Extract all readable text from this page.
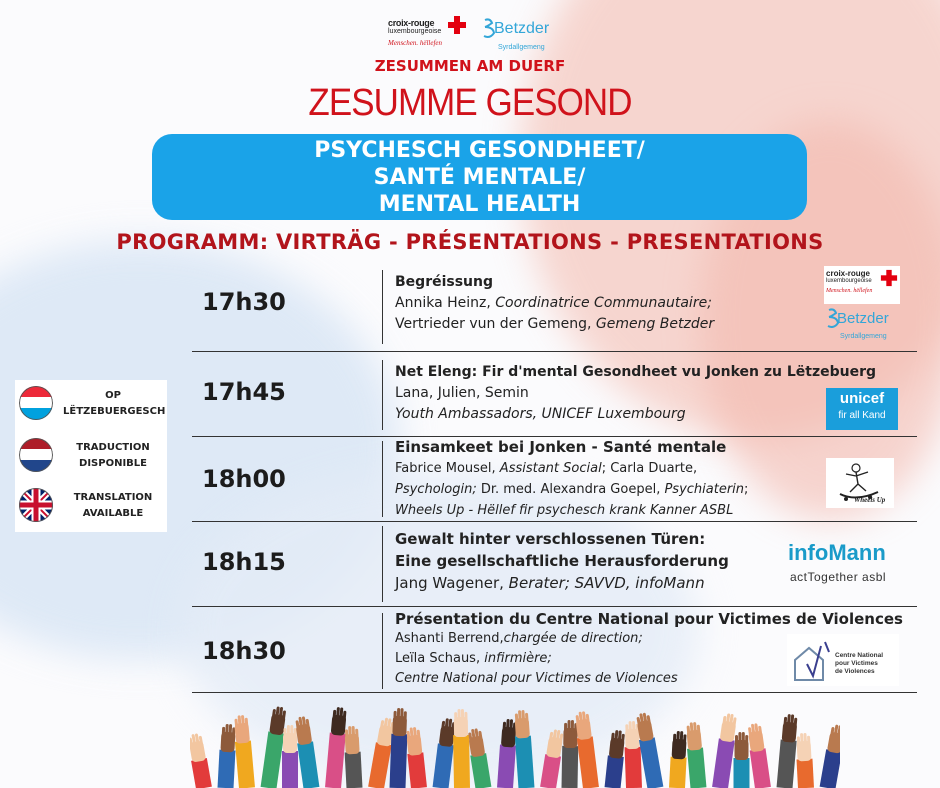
croix-rouge
luxembourgeoise
Menschen. hëllefen
Betzder
Syrdallgemeng
ZESUMMEN AM DUERF
ZESUMME GESOND
PSYCHESCH GESONDHEET/
SANTÉ MENTALE/
MENTAL HEALTH
PROGRAMM: VIRTRÄG - PRÉSENTATIONS - PRESENTATIONS
OP
LËTZEBUERGESCH
TRADUCTION
DISPONIBLE
TRANSLATION
AVAILABLE
17h30
Begréissung
Annika Heinz, Coordinatrice Communautaire;
Vertrieder vun der Gemeng, Gemeng Betzder
croix-rouge
luxembourgeoise
Menschen. hëllefen
Betzder
Syrdallgemeng
17h45
Net Eleng: Fir d'mental Gesondheet vu Jonken zu Lëtzebuerg
Lana, Julien, Semin
Youth Ambassadors, UNICEF Luxembourg
unicef
fir all Kand
18h00
Einsamkeet bei Jonken - Santé mentale
Fabrice Mousel, Assistant Social; Carla Duarte,
Psychologin; Dr. med. Alexandra Goepel, Psychiaterin;
Wheels Up - Hëllef fir psychesch krank Kanner ASBL
Wheels Up
18h15
Gewalt hinter verschlossenen Türen:
Eine gesellschaftliche Herausforderung
Jang Wagener, Berater; SAVVD, infoMann
infoMann
actTogether asbl
18h30
Présentation du Centre National pour Victimes de Violences
Ashanti Berrend,chargée de direction;
Leïla Schaus, infirmière;
Centre National pour Victimes de Violences
Centre National
pour Victimes
de Violences
